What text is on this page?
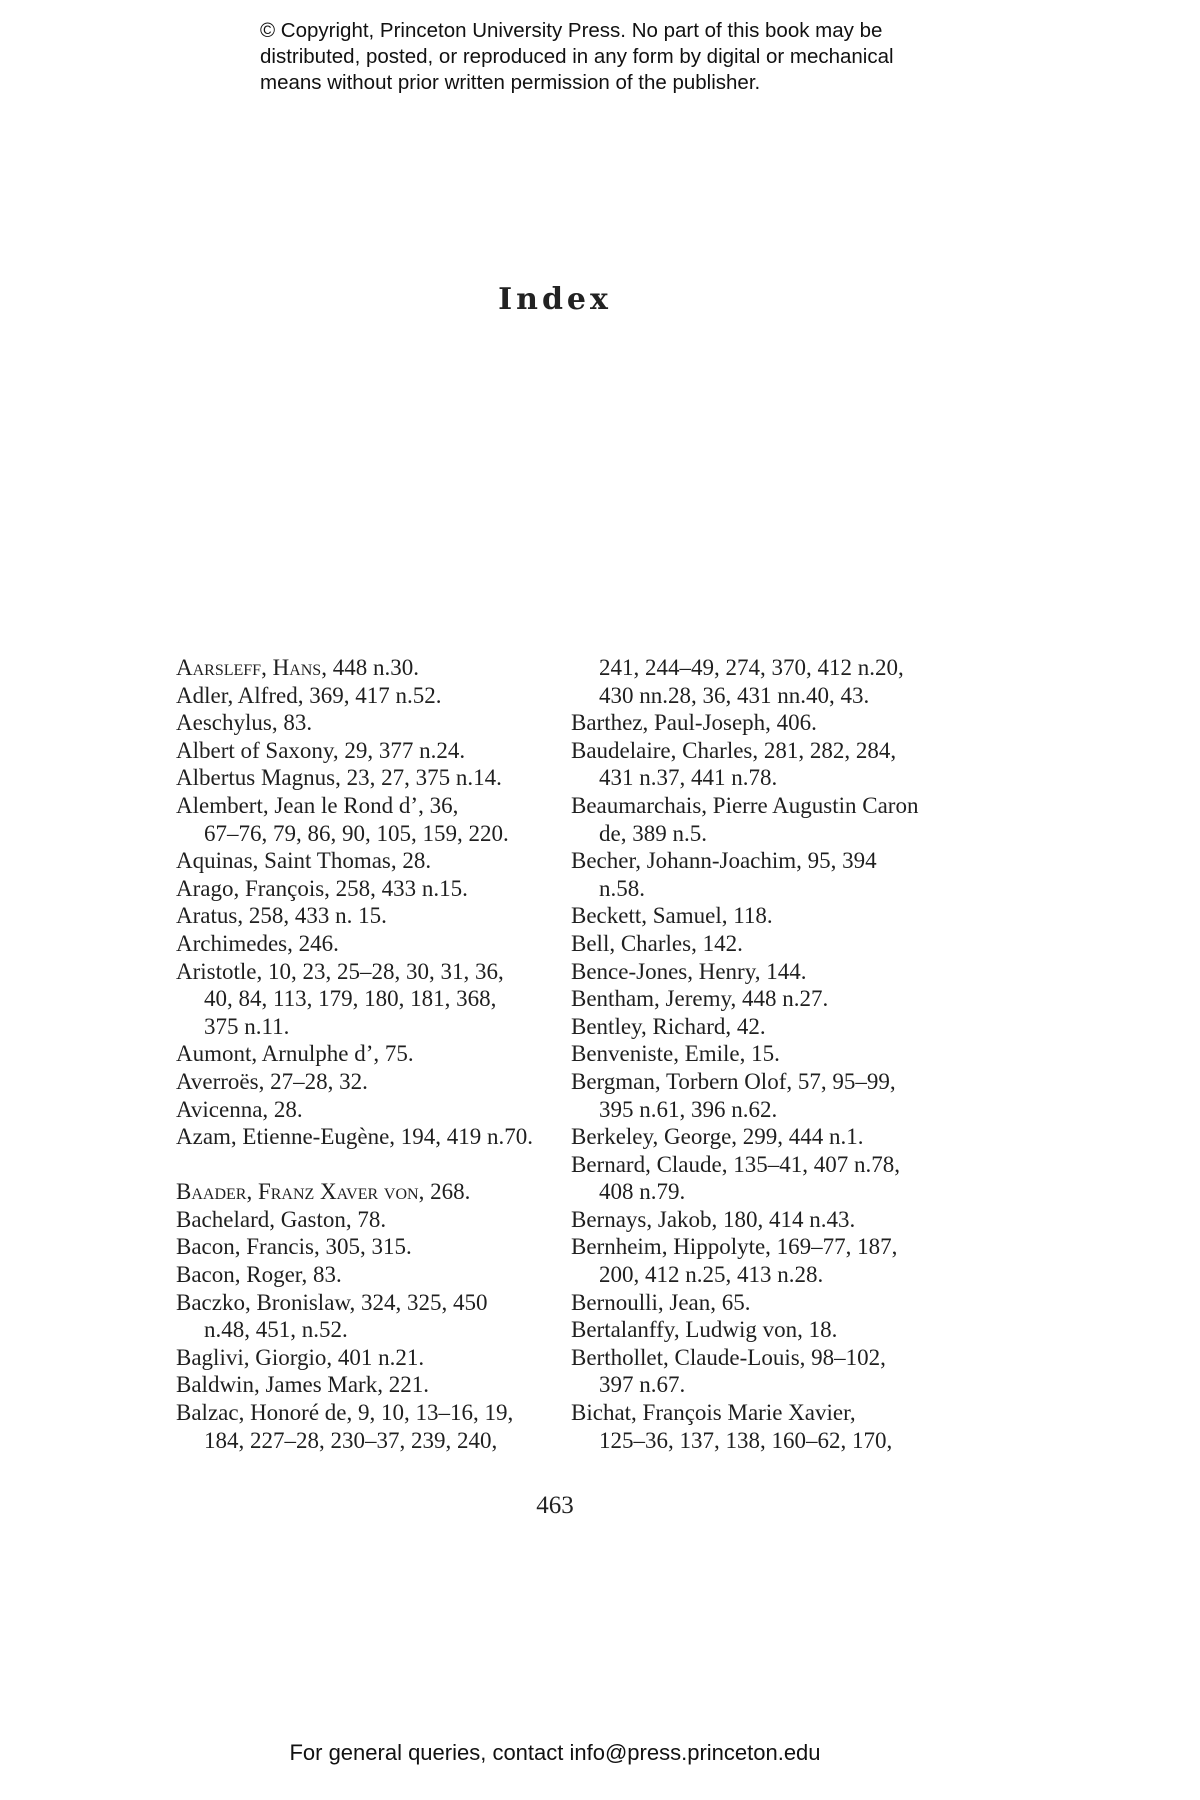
© Copyright, Princeton University Press. No part of this book may be
distributed, posted, or reproduced in any form by digital or mechanical
means without prior written permission of the publisher.
Index
Aarsleff, Hans, 448 n.30.
Adler, Alfred, 369, 417 n.52.
Aeschylus, 83.
Albert of Saxony, 29, 377 n.24.
Albertus Magnus, 23, 27, 375 n.14.
Alembert, Jean le Rond d’, 36,
67–76, 79, 86, 90, 105, 159, 220.
Aquinas, Saint Thomas, 28.
Arago, François, 258, 433 n.15.
Aratus, 258, 433 n. 15.
Archimedes, 246.
Aristotle, 10, 23, 25–28, 30, 31, 36,
40, 84, 113, 179, 180, 181, 368,
375 n.11.
Aumont, Arnulphe d’, 75.
Averroës, 27–28, 32.
Avicenna, 28.
Azam, Etienne-Eugène, 194, 419 n.70.
Baader, Franz Xaver von, 268.
Bachelard, Gaston, 78.
Bacon, Francis, 305, 315.
Bacon, Roger, 83.
Baczko, Bronislaw, 324, 325, 450
n.48, 451, n.52.
Baglivi, Giorgio, 401 n.21.
Baldwin, James Mark, 221.
Balzac, Honoré de, 9, 10, 13–16, 19,
184, 227–28, 230–37, 239, 240,
241, 244–49, 274, 370, 412 n.20,
430 nn.28, 36, 431 nn.40, 43.
Barthez, Paul-Joseph, 406.
Baudelaire, Charles, 281, 282, 284,
431 n.37, 441 n.78.
Beaumarchais, Pierre Augustin Caron
de, 389 n.5.
Becher, Johann-Joachim, 95, 394
n.58.
Beckett, Samuel, 118.
Bell, Charles, 142.
Bence-Jones, Henry, 144.
Bentham, Jeremy, 448 n.27.
Bentley, Richard, 42.
Benveniste, Emile, 15.
Bergman, Torbern Olof, 57, 95–99,
395 n.61, 396 n.62.
Berkeley, George, 299, 444 n.1.
Bernard, Claude, 135–41, 407 n.78,
408 n.79.
Bernays, Jakob, 180, 414 n.43.
Bernheim, Hippolyte, 169–77, 187,
200, 412 n.25, 413 n.28.
Bernoulli, Jean, 65.
Bertalanffy, Ludwig von, 18.
Berthollet, Claude-Louis, 98–102,
397 n.67.
Bichat, François Marie Xavier,
125–36, 137, 138, 160–62, 170,
463
For general queries, contact info@press.princeton.edu
